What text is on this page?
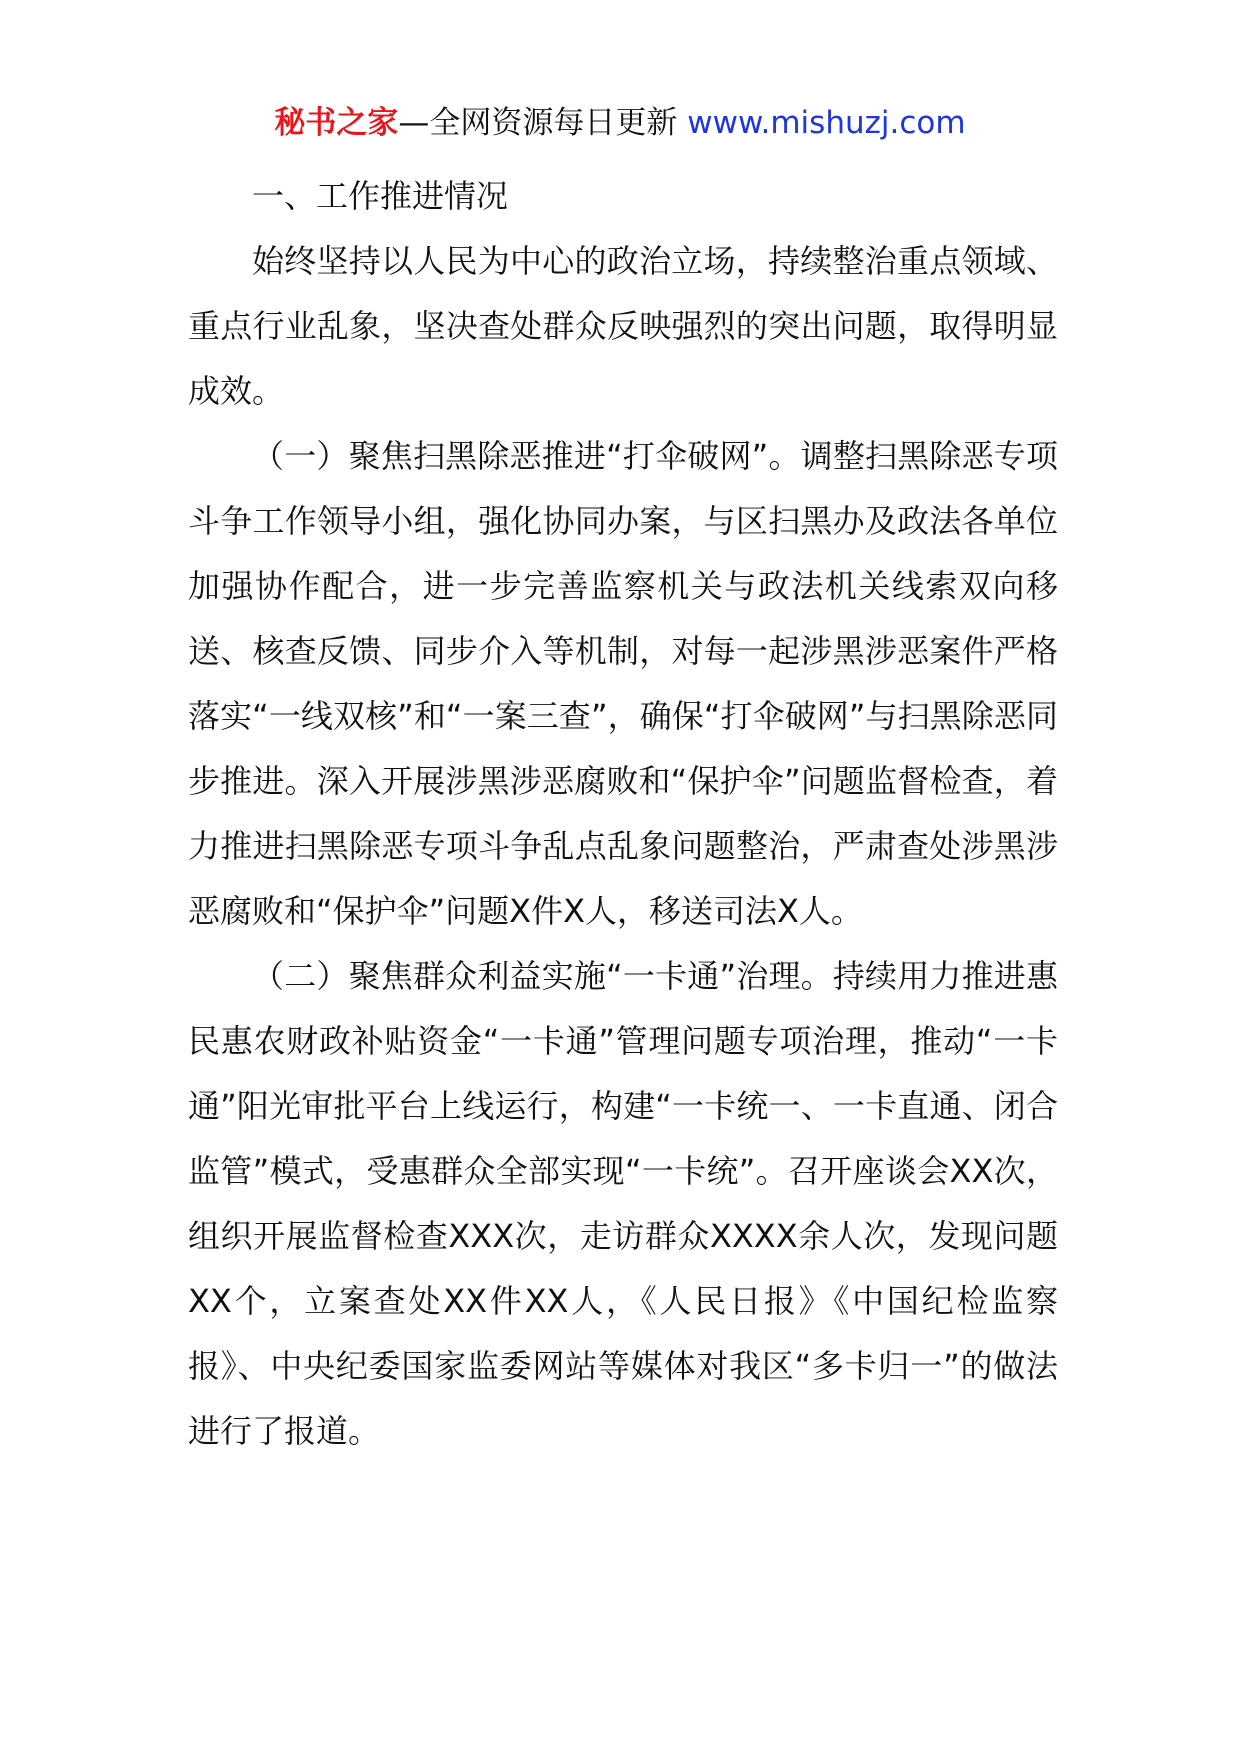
秘书之家—全网资源每日更新 www.mishuzj.com

一、工作推进情况

始终坚持以人民为中心的政治立场，持续整治重点领域、重点行业乱象，坚决查处群众反映强烈的突出问题，取得明显成效。

（一）聚焦扫黑除恶推进“打伞破网”。调整扫黑除恶专项斗争工作领导小组，强化协同办案，与区扫黑办及政法各单位加强协作配合，进一步完善监察机关与政法机关线索双向移送、核查反馈、同步介入等机制，对每一起涉黑涉恶案件严格落实“一线双核”和“一案三查”，确保“打伞破网”与扫黑除恶同步推进。深入开展涉黑涉恶腐败和“保护伞”问题监督检查，着力推进扫黑除恶专项斗争乱点乱象问题整治，严肃查处涉黑涉恶腐败和“保护伞”问题X件X人，移送司法X人。

（二）聚焦群众利益实施“一卡通”治理。持续用力推进惠民惠农财政补贴资金“一卡通”管理问题专项治理，推动“一卡通”阳光审批平台上线运行，构建“一卡统一、一卡直通、闭合监管”模式，受惠群众全部实现“一卡统”。召开座谈会XX次，组织开展监督检查XXX次，走访群众XXXX余人次，发现问题XX个，立案查处XX件XX人，《人民日报》《中国纪检监察报》、中央纪委国家监委网站等媒体对我区“多卡归一”的做法进行了报道。
